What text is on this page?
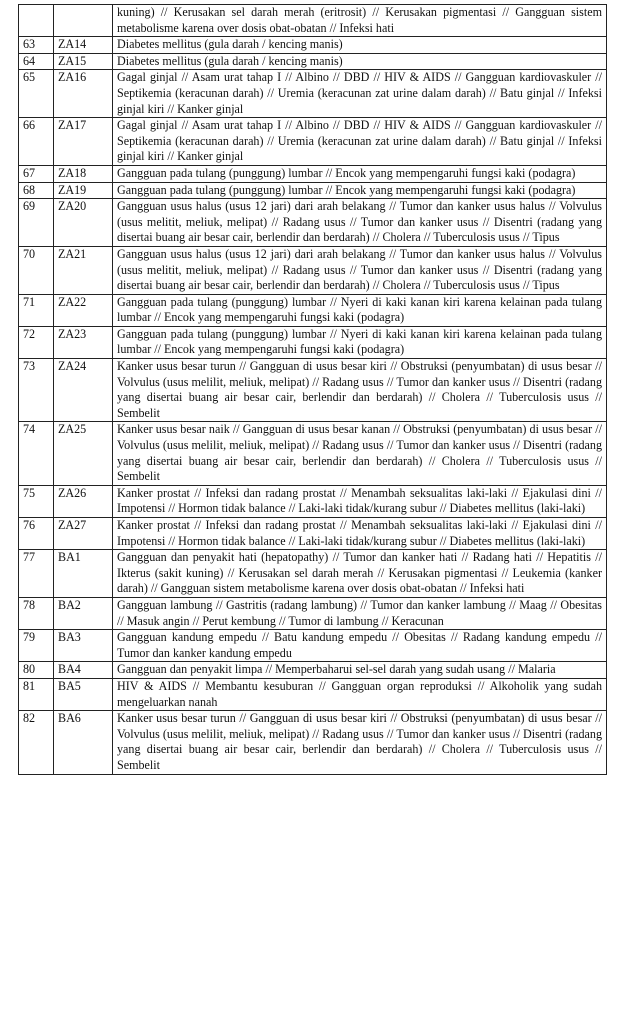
		kuning) // Kerusakan sel darah merah (eritrosit) // Kerusakan pigmentasi // Gangguan sistem metabolisme karena over dosis obat-obatan // Infeksi hati
63	ZA14	Diabetes mellitus (gula darah / kencing manis)
64	ZA15	Diabetes mellitus (gula darah / kencing manis)
65	ZA16	Gagal ginjal // Asam urat tahap I // Albino // DBD // HIV & AIDS // Gangguan kardiovaskuler // Septikemia (keracunan darah) // Uremia (keracunan zat urine dalam darah) // Batu ginjal // Infeksi ginjal kiri // Kanker ginjal
66	ZA17	Gagal ginjal // Asam urat tahap I // Albino // DBD // HIV & AIDS // Gangguan kardiovaskuler // Septikemia (keracunan darah) // Uremia (keracunan zat urine dalam darah) // Batu ginjal // Infeksi ginjal kiri // Kanker ginjal
67	ZA18	Gangguan pada tulang (punggung) lumbar // Encok yang mempengaruhi fungsi kaki (podagra)
68	ZA19	Gangguan pada tulang (punggung) lumbar // Encok yang mempengaruhi fungsi kaki (podagra)
69	ZA20	Gangguan usus halus (usus 12 jari) dari arah belakang // Tumor dan kanker usus halus // Volvulus (usus melitit, meliuk, melipat) // Radang usus // Tumor dan kanker usus // Disentri (radang yang disertai buang air besar cair, berlendir dan berdarah) // Cholera // Tuberculosis usus // Tipus
70	ZA21	Gangguan usus halus (usus 12 jari) dari arah belakang // Tumor dan kanker usus halus // Volvulus (usus melitit, meliuk, melipat) // Radang usus // Tumor dan kanker usus // Disentri (radang yang disertai buang air besar cair, berlendir dan berdarah) // Cholera // Tuberculosis usus // Tipus
71	ZA22	Gangguan pada tulang (punggung) lumbar // Nyeri di kaki kanan kiri karena kelainan pada tulang lumbar // Encok yang mempengaruhi fungsi kaki (podagra)
72	ZA23	Gangguan pada tulang (punggung) lumbar // Nyeri di kaki kanan kiri karena kelainan pada tulang lumbar // Encok yang mempengaruhi fungsi kaki (podagra)
73	ZA24	Kanker usus besar turun // Gangguan di usus besar kiri // Obstruksi (penyumbatan) di usus besar // Volvulus (usus melilit, meliuk, melipat) // Radang usus // Tumor dan kanker usus // Disentri (radang yang disertai buang air besar cair, berlendir dan berdarah) // Cholera // Tuberculosis usus // Sembelit
74	ZA25	Kanker usus besar naik // Gangguan di usus besar kanan // Obstruksi (penyumbatan) di usus besar // Volvulus (usus melilit, meliuk, melipat) // Radang usus // Tumor dan kanker usus // Disentri (radang yang disertai buang air besar cair, berlendir dan berdarah) // Cholera // Tuberculosis usus // Sembelit
75	ZA26	Kanker prostat // Infeksi dan radang prostat // Menambah seksualitas laki-laki // Ejakulasi dini // Impotensi // Hormon tidak balance // Laki-laki tidak/kurang subur // Diabetes mellitus (laki-laki)
76	ZA27	Kanker prostat // Infeksi dan radang prostat // Menambah seksualitas laki-laki // Ejakulasi dini // Impotensi // Hormon tidak balance // Laki-laki tidak/kurang subur // Diabetes mellitus (laki-laki)
77	BA1	Gangguan dan penyakit hati (hepatopathy) // Tumor dan kanker hati // Radang hati // Hepatitis // Ikterus (sakit kuning) // Kerusakan sel darah merah // Kerusakan pigmentasi // Leukemia (kanker darah) // Gangguan sistem metabolisme karena over dosis obat-obatan // Infeksi hati
78	BA2	Gangguan lambung // Gastritis (radang lambung) // Tumor dan kanker lambung // Maag // Obesitas // Masuk angin // Perut kembung // Tumor di lambung // Keracunan
79	BA3	Gangguan kandung empedu // Batu kandung empedu // Obesitas // Radang kandung empedu // Tumor dan kanker kandung empedu
80	BA4	Gangguan dan penyakit limpa // Memperbaharui sel-sel darah yang sudah usang // Malaria
81	BA5	HIV & AIDS // Membantu kesuburan // Gangguan organ reproduksi // Alkoholik yang sudah mengeluarkan nanah
82	BA6	Kanker usus besar turun // Gangguan di usus besar kiri // Obstruksi (penyumbatan) di usus besar // Volvulus (usus melilit, meliuk, melipat) // Radang usus // Tumor dan kanker usus // Disentri (radang yang disertai buang air besar cair, berlendir dan berdarah) // Cholera // Tuberculosis usus // Sembelit
